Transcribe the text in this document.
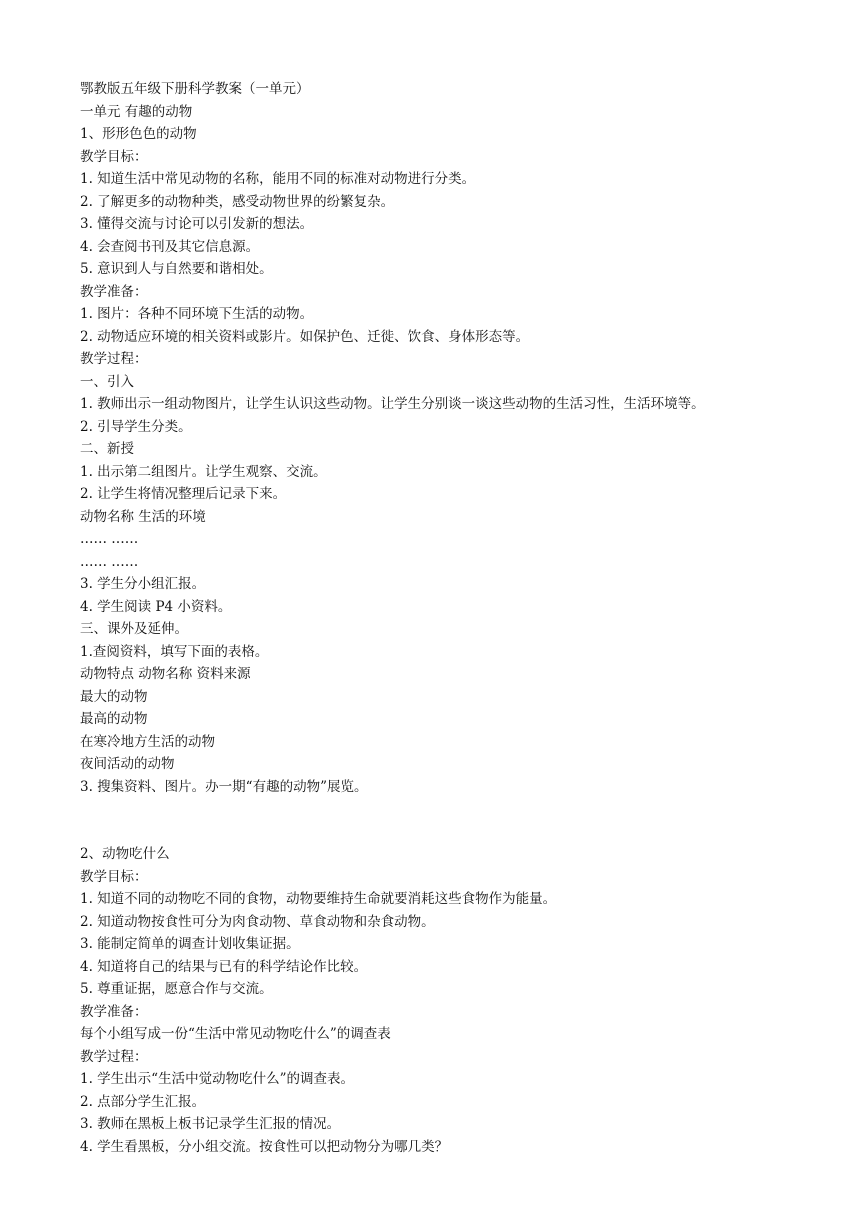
鄂教版五年级下册科学教案（一单元）
一单元 有趣的动物
1、形形色色的动物
教学目标：
1. 知道生活中常见动物的名称，能用不同的标准对动物进行分类。
2. 了解更多的动物种类，感受动物世界的纷繁复杂。
3. 懂得交流与讨论可以引发新的想法。
4. 会查阅书刊及其它信息源。
5. 意识到人与自然要和谐相处。
教学准备：
1. 图片：各种不同环境下生活的动物。
2. 动物适应环境的相关资料或影片。如保护色、迁徙、饮食、身体形态等。
教学过程：
一、引入
1. 教师出示一组动物图片，让学生认识这些动物。让学生分别谈一谈这些动物的生活习性，生活环境等。
2. 引导学生分类。
二、新授
1. 出示第二组图片。让学生观察、交流。
2. 让学生将情况整理后记录下来。
动物名称 生活的环境
…… ……
…… ……
3. 学生分小组汇报。
4. 学生阅读 P4 小资料。
三、课外及延伸。
1.查阅资料，填写下面的表格。
动物特点 动物名称 资料来源
最大的动物
最高的动物
在寒冷地方生活的动物
夜间活动的动物
3. 搜集资料、图片。办一期“有趣的动物”展览。
2、动物吃什么
教学目标：
1. 知道不同的动物吃不同的食物，动物要维持生命就要消耗这些食物作为能量。
2. 知道动物按食性可分为肉食动物、草食动物和杂食动物。
3. 能制定简单的调查计划收集证据。
4. 知道将自己的结果与已有的科学结论作比较。
5. 尊重证据，愿意合作与交流。
教学准备：
每个小组写成一份“生活中常见动物吃什么”的调查表
教学过程：
1. 学生出示“生活中觉动物吃什么”的调查表。
2. 点部分学生汇报。
3. 教师在黑板上板书记录学生汇报的情况。
4. 学生看黑板，分小组交流。按食性可以把动物分为哪几类？
